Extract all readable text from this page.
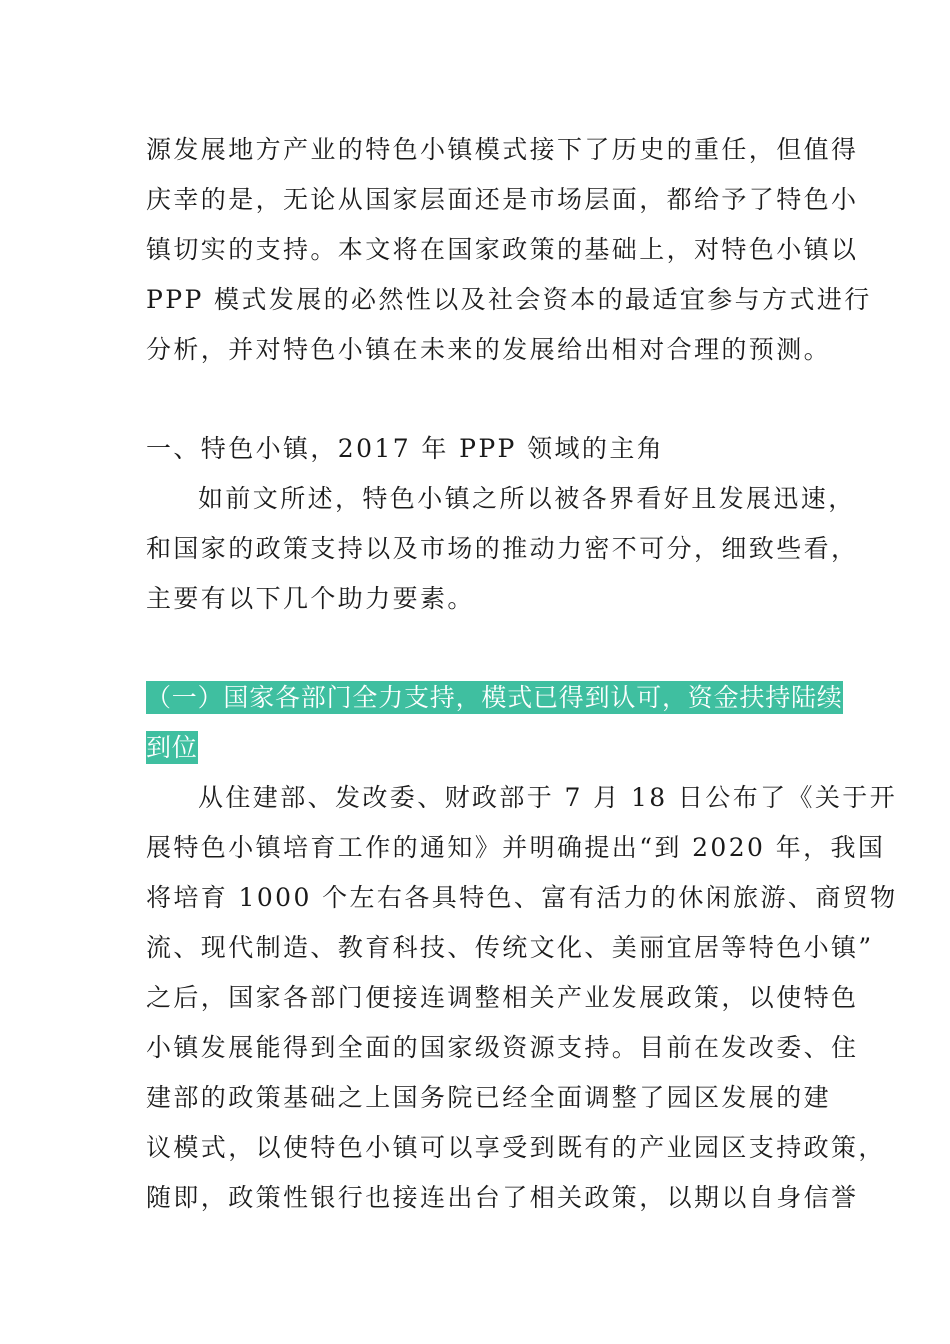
源发展地方产业的特色小镇模式接下了历史的重任，但值得
庆幸的是，无论从国家层面还是市场层面，都给予了特色小
镇切实的支持。本文将在国家政策的基础上，对特色小镇以
PPP 模式发展的必然性以及社会资本的最适宜参与方式进行
分析，并对特色小镇在未来的发展给出相对合理的预测。
一、特色小镇，2017 年 PPP 领域的主角
如前文所述，特色小镇之所以被各界看好且发展迅速，
和国家的政策支持以及市场的推动力密不可分，细致些看，
主要有以下几个助力要素。
（一）国家各部门全力支持，模式已得到认可，资金扶持陆续
到位
从住建部、发改委、财政部于 7 月 18 日公布了《关于开
展特色小镇培育工作的通知》并明确提出“到 2020 年，我国
将培育 1000 个左右各具特色、富有活力的休闲旅游、商贸物
流、现代制造、教育科技、传统文化、美丽宜居等特色小镇”
之后，国家各部门便接连调整相关产业发展政策，以使特色
小镇发展能得到全面的国家级资源支持。目前在发改委、住
建部的政策基础之上国务院已经全面调整了园区发展的建
议模式，以使特色小镇可以享受到既有的产业园区支持政策，
随即，政策性银行也接连出台了相关政策，以期以自身信誉
